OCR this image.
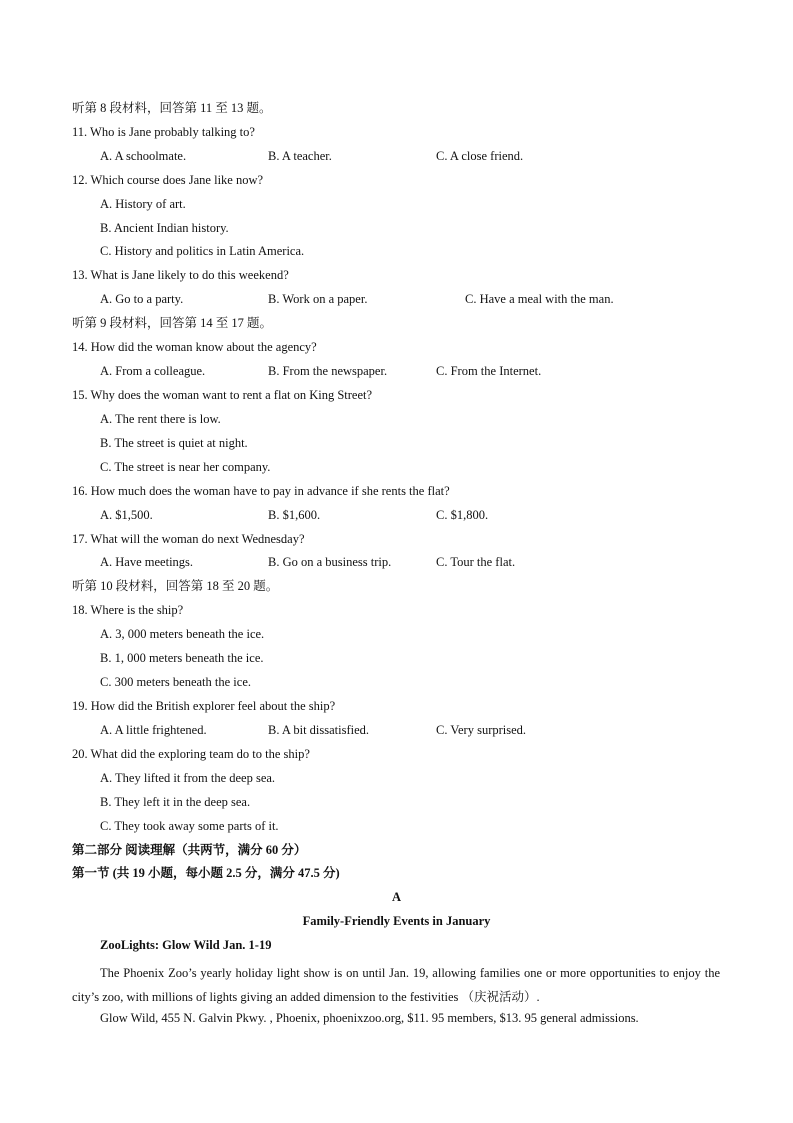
听第 8 段材料，回答第 11 至 13 题。
11. Who is Jane probably talking to?
A. A schoolmate.	B. A teacher.	C. A close friend.
12. Which course does Jane like now?
A. History of art.
B. Ancient Indian history.
C. History and politics in Latin America.
13. What is Jane likely to do this weekend?
A. Go to a party.	B. Work on a paper.	C. Have a meal with the man.
听第 9 段材料，回答第 14 至 17 题。
14. How did the woman know about the agency?
A. From a colleague.	B. From the newspaper.	C. From the Internet.
15. Why does the woman want to rent a flat on King Street?
A. The rent there is low.
B. The street is quiet at night.
C. The street is near her company.
16. How much does the woman have to pay in advance if she rents the flat?
A. $1,500.	B. $1,600.	C. $1,800.
17. What will the woman do next Wednesday?
A. Have meetings.	B. Go on a business trip.	C. Tour the flat.
听第 10 段材料，回答第 18 至 20 题。
18. Where is the ship?
A. 3, 000 meters beneath the ice.
B. 1, 000 meters beneath the ice.
C. 300 meters beneath the ice.
19. How did the British explorer feel about the ship?
A. A little frightened.	B. A bit dissatisfied.	C. Very surprised.
20. What did the exploring team do to the ship?
A. They lifted it from the deep sea.
B. They left it in the deep sea.
C. They took away some parts of it.
第二部分 阅读理解（共两节，满分 60 分）
第一节 (共 19 小题，每小题 2.5 分，满分 47.5 分)
A
Family-Friendly Events in January
ZooLights: Glow Wild Jan. 1-19
The Phoenix Zoo’s yearly holiday light show is on until Jan. 19, allowing families one or more opportunities to enjoy the city’s zoo, with millions of lights giving an added dimension to the festivities （庆祝活动）.
Glow Wild, 455 N. Galvin Pkwy. , Phoenix, phoenixzoo.org, $11. 95 members, $13. 95 general admissions.
